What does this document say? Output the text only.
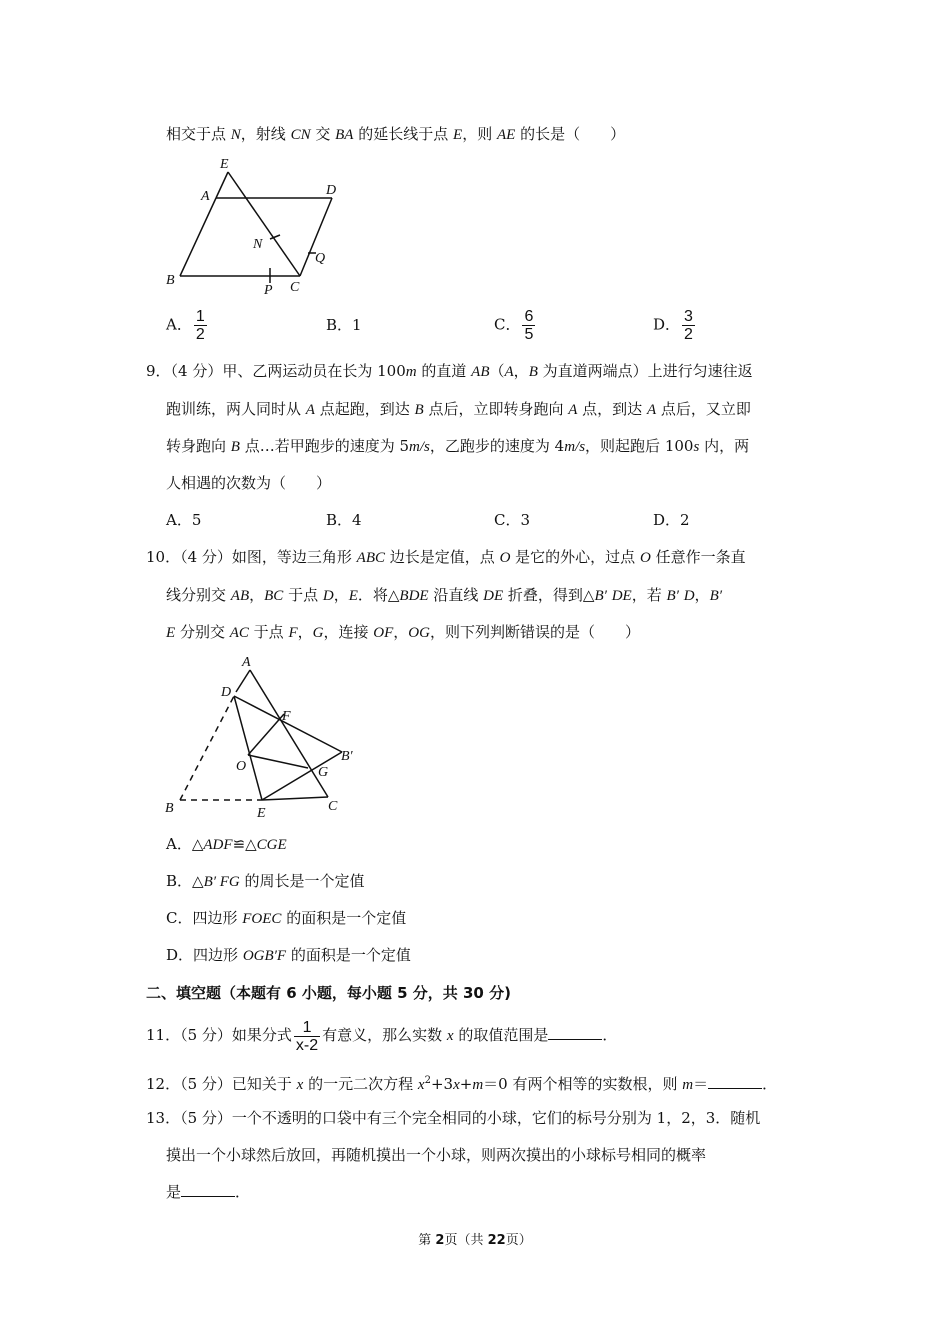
相交于点 N，射线 CN 交 BA 的延长线于点 E，则 AE 的长是（　　）
E
A	D
N
Q
B
P C
A． $\frac{1}{2}$	B．1	C． $\frac{6}{5}$	D． $\frac{3}{2}$
9．（4 分）甲、乙两运动员在长为 100m 的直道 AB（A，B 为直道两端点）上进行匀速往返
跑训练，两人同时从 A 点起跑，到达 B 点后，立即转身跑向 A 点，到达 A 点后，又立即
转身跑向 B 点…若甲跑步的速度为 5m/s，乙跑步的速度为 4m/s，则起跑后 100s 内，两
人相遇的次数为（　　）
A．5	B．4	C．3	D．2
10．（4 分）如图，等边三角形 ABC 边长是定值，点 O 是它的外心，过点 O 任意作一条直
线分别交 AB，BC 于点 D，E．将△BDE 沿直线 DE 折叠，得到△B′ DE，若 B′ D，B′
E 分别交 AC 于点 F，G，连接 OF，OG，则下列判断错误的是（　　）
A
D
F
B′
O	G
B	E	C
A．△ADF≌△CGE
B．△B′ FG 的周长是一个定值
C．四边形 FOEC 的面积是一个定值
D．四边形 OGB′F 的面积是一个定值
二、填空题（本题有 6 小题，每小题 5 分，共 30 分)
11．（5 分）如果分式 $\frac{1}{x-2}$ 有意义，那么实数 x 的取值范围是	．
12．（5 分）已知关于 x 的一元二次方程 $x^2+3x+m=0$ 有两个相等的实数根，则 m＝	．
13．（5 分）一个不透明的口袋中有三个完全相同的小球，它们的标号分别为 1，2，3．随机
摸出一个小球然后放回，再随机摸出一个小球，则两次摸出的小球标号相同的概率
是	．
第 2页（共 22页）
